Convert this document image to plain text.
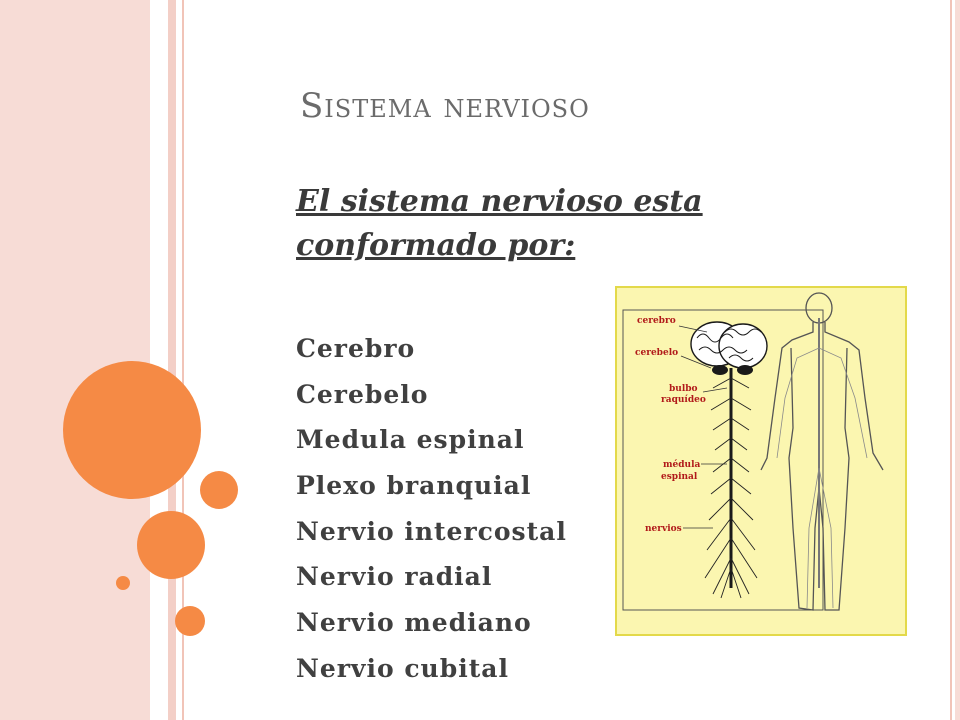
Sistema nervioso
El sistema nervioso esta conformado por:
Cerebro
Cerebelo
Medula espinal
Plexo branquial
Nervio intercostal
Nervio radial
Nervio mediano
Nervio cubital
cerebro
cerebelo
bulbo
raquídeo
médula
espinal
nervios
